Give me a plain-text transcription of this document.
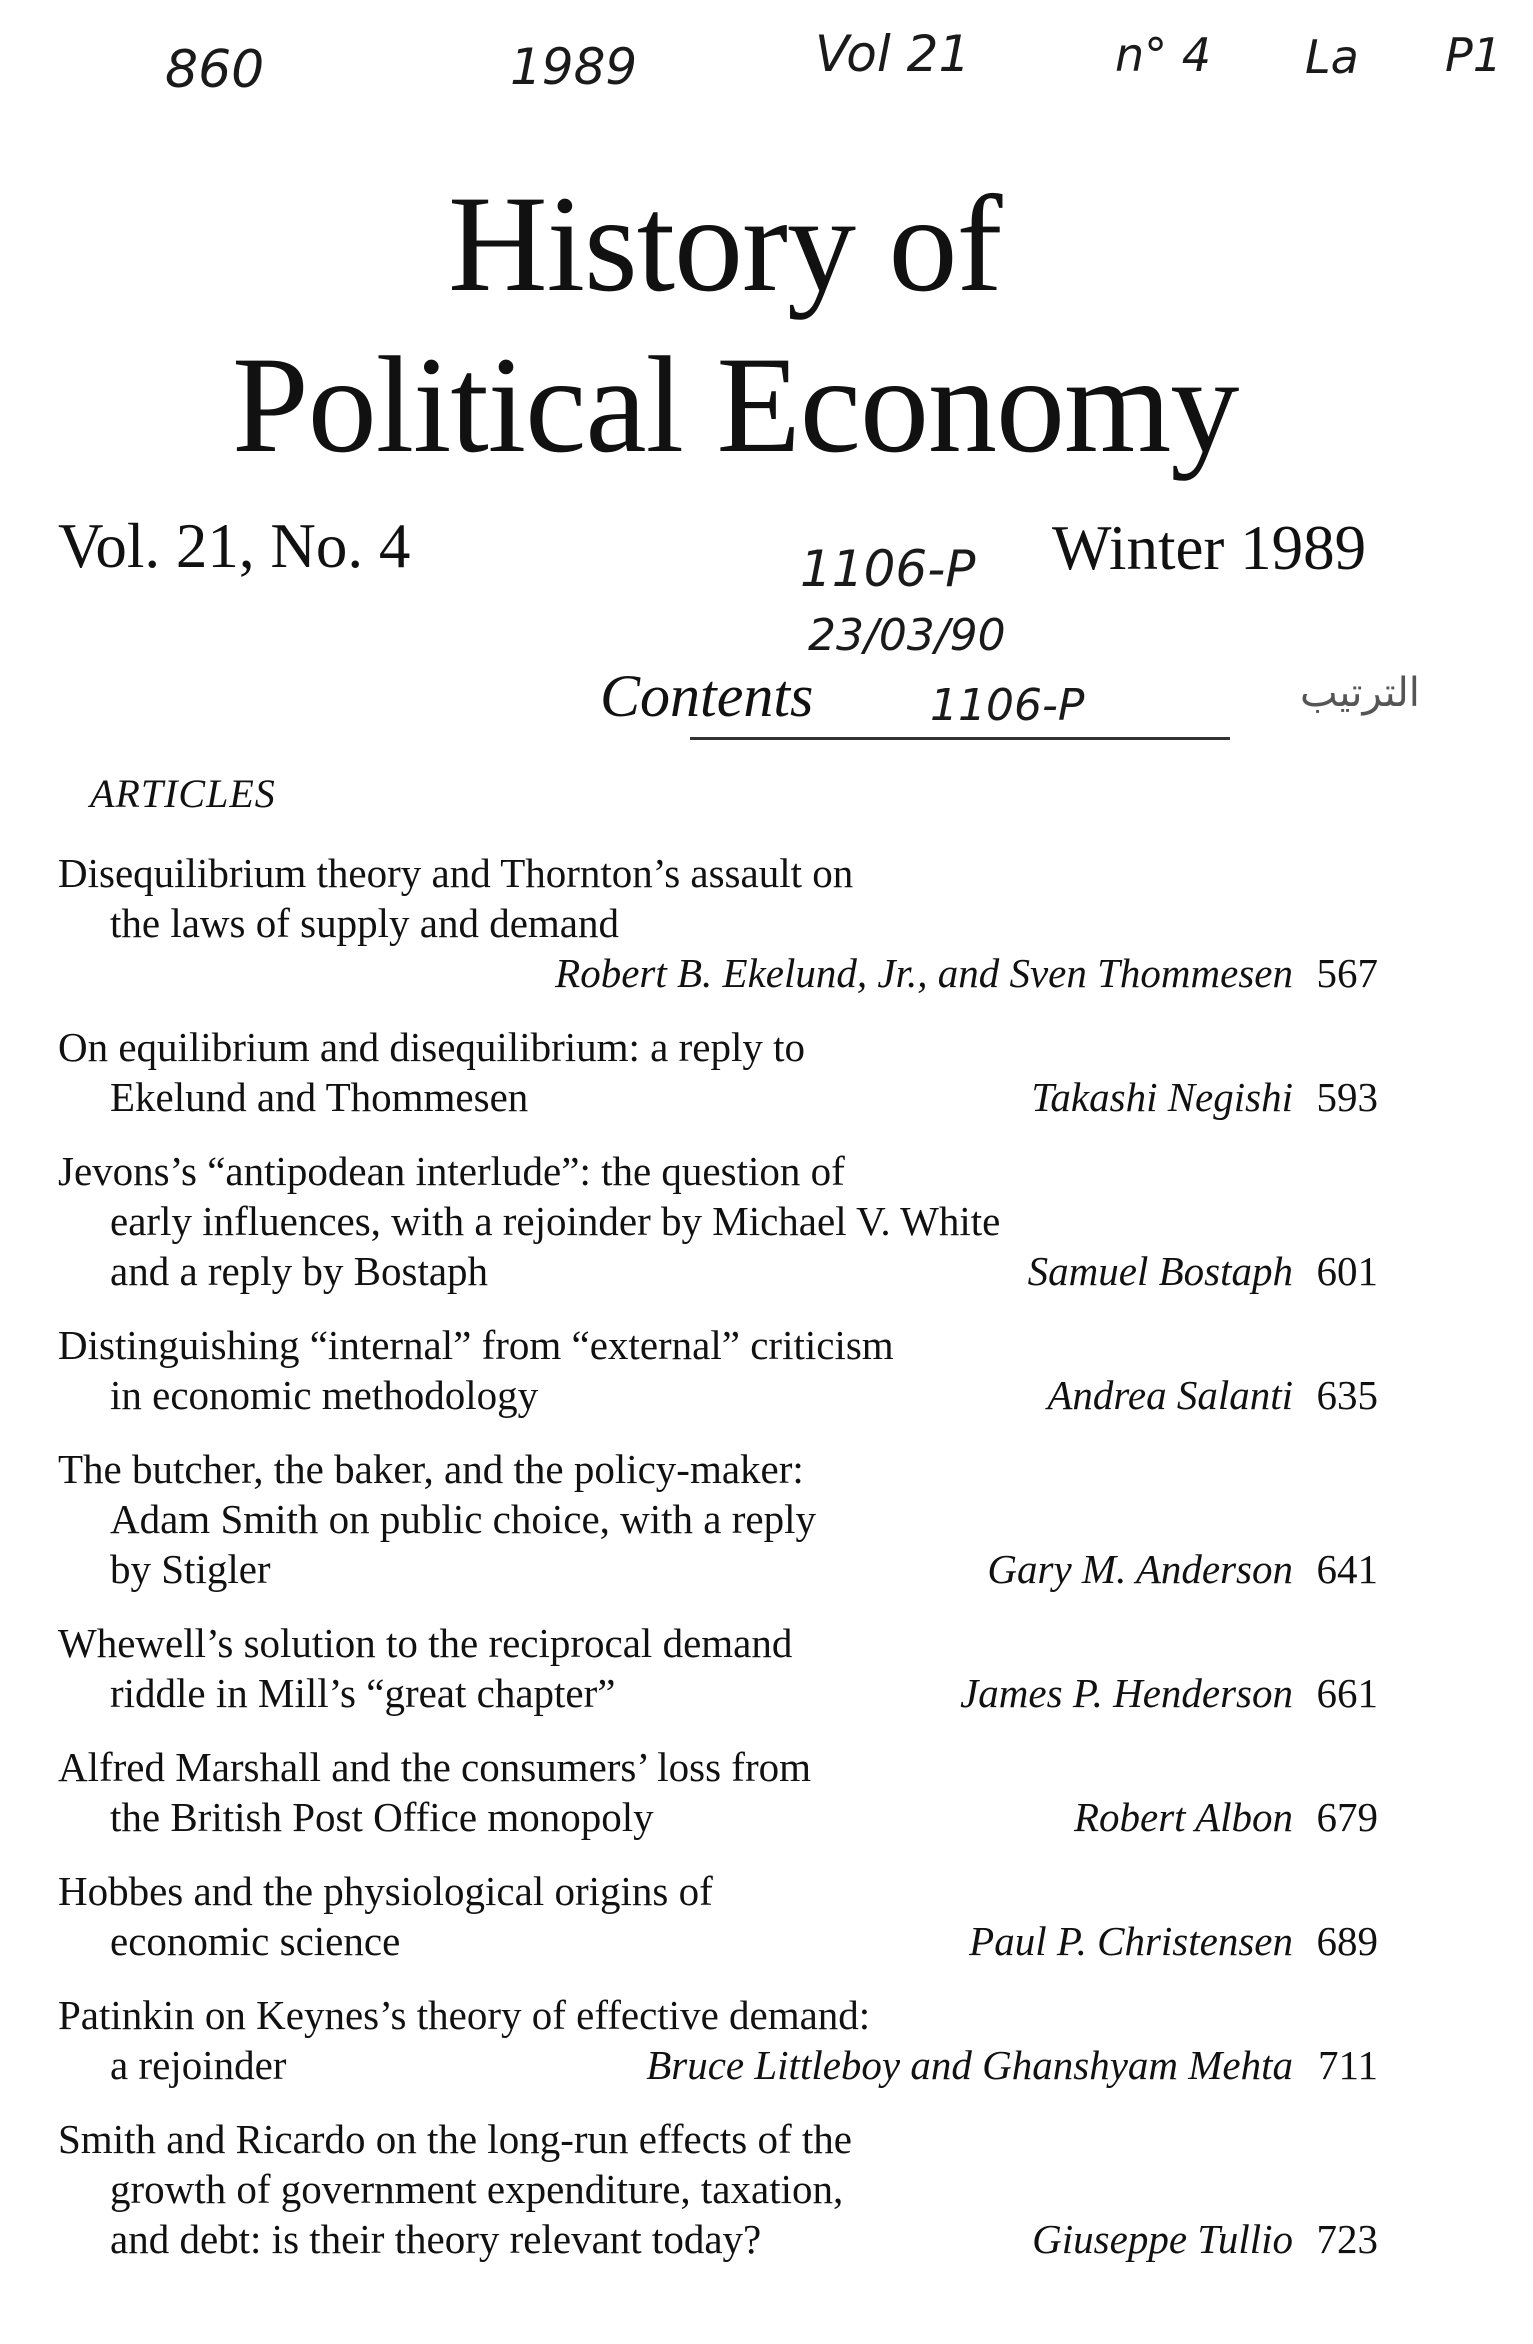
860	1989	Vol 21	n° 4 La P1
History of
Political Economy
Vol. 21, No. 4	Winter 1989
1106-P
23/03/90
Contents	1106-P	الترتيب
ARTICLES
Disequilibrium theory and Thornton’s assault on
the laws of supply and demand
Robert B. Ekelund, Jr., and Sven Thommesen 567
On equilibrium and disequilibrium: a reply to
Ekelund and Thommesen	Takashi Negishi 593
Jevons’s “antipodean interlude”: the question of
early influences, with a rejoinder by Michael V. White
and a reply by Bostaph	Samuel Bostaph 601
Distinguishing “internal” from “external” criticism
in economic methodology	Andrea Salanti 635
The butcher, the baker, and the policy-maker:
Adam Smith on public choice, with a reply
by Stigler	Gary M. Anderson 641
Whewell’s solution to the reciprocal demand
riddle in Mill’s “great chapter”	James P. Henderson 661
Alfred Marshall and the consumers’ loss from
the British Post Office monopoly	Robert Albon 679
Hobbes and the physiological origins of
economic science	Paul P. Christensen 689
Patinkin on Keynes’s theory of effective demand:
a rejoinder	Bruce Littleboy and Ghanshyam Mehta 711
Smith and Ricardo on the long-run effects of the
growth of government expenditure, taxation,
and debt: is their theory relevant today?	Giuseppe Tullio 723
